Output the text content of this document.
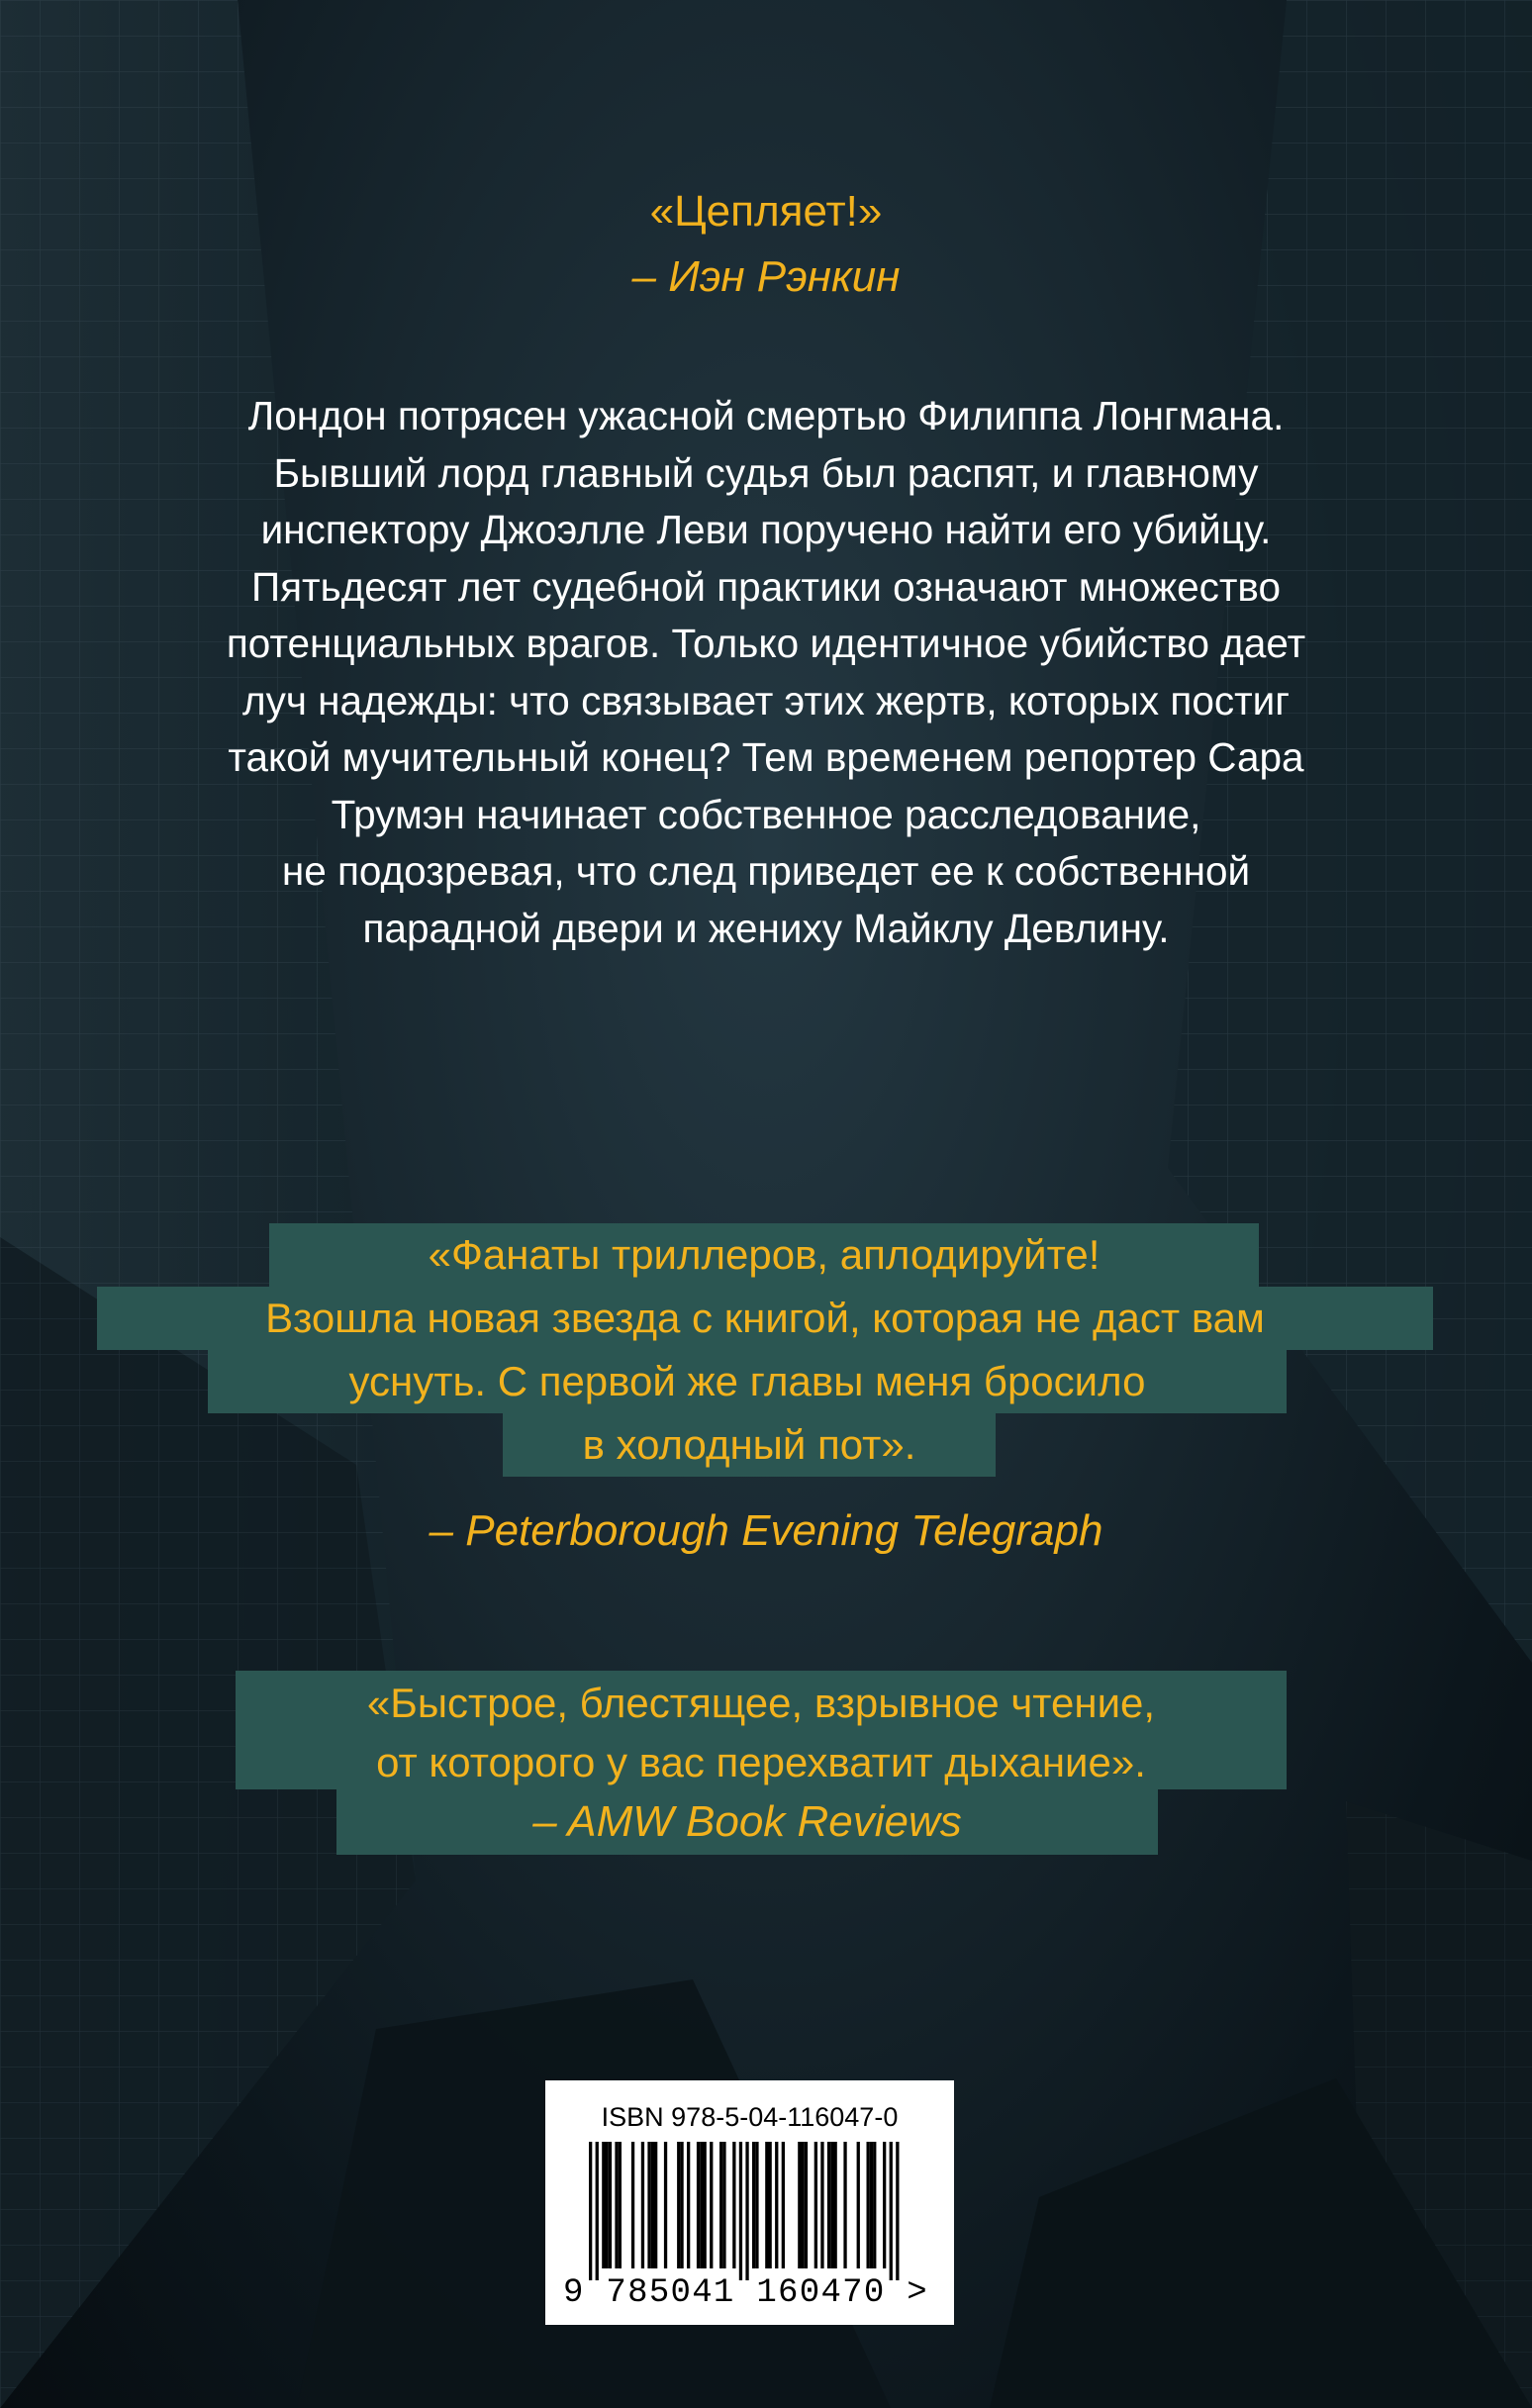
«Цепляет!»
– Иэн Рэнкин
Лондон потрясен ужасной смертью Филиппа Лонгмана.
Бывший лорд главный судья был распят, и главному
инспектору Джоэлле Леви поручено найти его убийцу.
Пятьдесят лет судебной практики означают множество
потенциальных врагов. Только идентичное убийство дает
луч надежды: что связывает этих жертв, которых постиг
такой мучительный конец? Тем временем репортер Сара
Трумэн начинает собственное расследование,
не подозревая, что след приведет ее к собственной
парадной двери и жениху Майклу Девлину.
«Фанаты триллеров, аплодируйте!
Взошла новая звезда с книгой, которая не даст вам
уснуть. С первой же главы меня бросило
в холодный пот».
– Peterborough Evening Telegraph
«Быстрое, блестящее, взрывное чтение,
от которого у вас перехватит дыхание».
– AMW Book Reviews
ISBN 978-5-04-116047-0
9 785041 160470 >
